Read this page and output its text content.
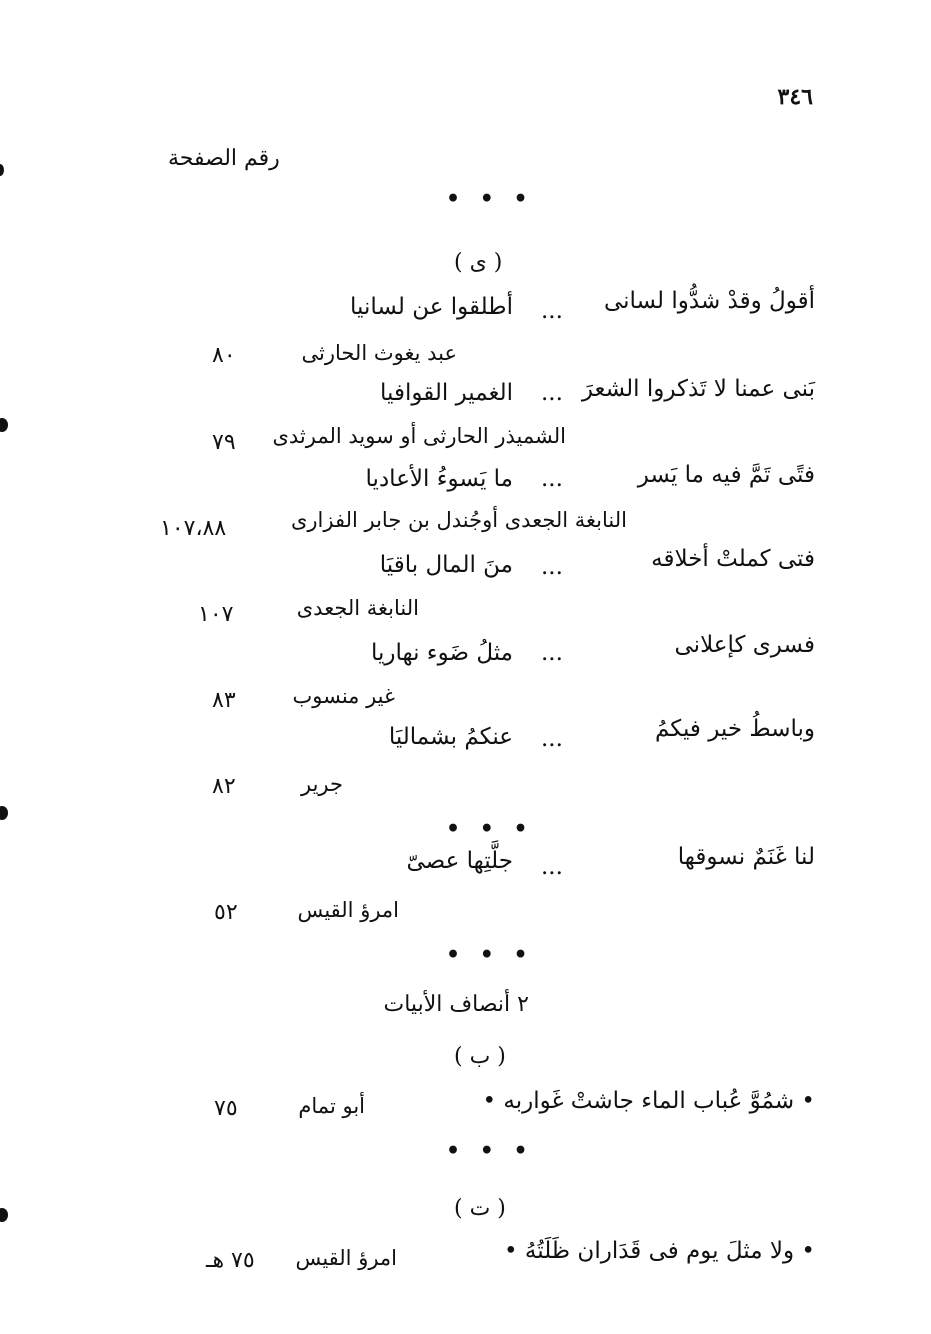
٣٤٦
رقم الصفحة
• • •
( ى )
أقولُ وقدْ شدُّوا لسانى
...
أطلقوا عن لسانيا
عبد يغوث الحارثى
٨٠
بَنى عمنا لا تَذكروا الشعرَ
...
الغمير القوافيا
الشميذر الحارثى أو سويد المرثدى
٧٩
فتًى تَمَّ فيه ما يَسر
...
ما يَسوءُ الأعاديا
النابغة الجعدى أوجُندل بن جابر الفزارى
١٠٧،٨٨
فتى كملتْ أخلاقه
...
منَ المال باقيَا
النابغة الجعدى
١٠٧
فسرى كإعلانى
...
مثلُ ضَوء نهاريا
غير منسوب
٨٣
وباسطُ خير فيكمُ
...
عنكمُ بشماليَا
جرير
٨٢
• • •
لنا غَنَمٌ نسوقها
...
جلَّتِها عصىّ
امرؤ القيس
٥٢
• • •
٢ أنصاف الأبيات
( ب )
• شمُوَّ عُباب الماء جاشتْ غَواربه •
أبو تمام
٧٥
• • •
( ت )
• ولا مثلَ يوم فى قَدَاران ظَلَتُهُ •
امرؤ القيس
٧٥ هـ
